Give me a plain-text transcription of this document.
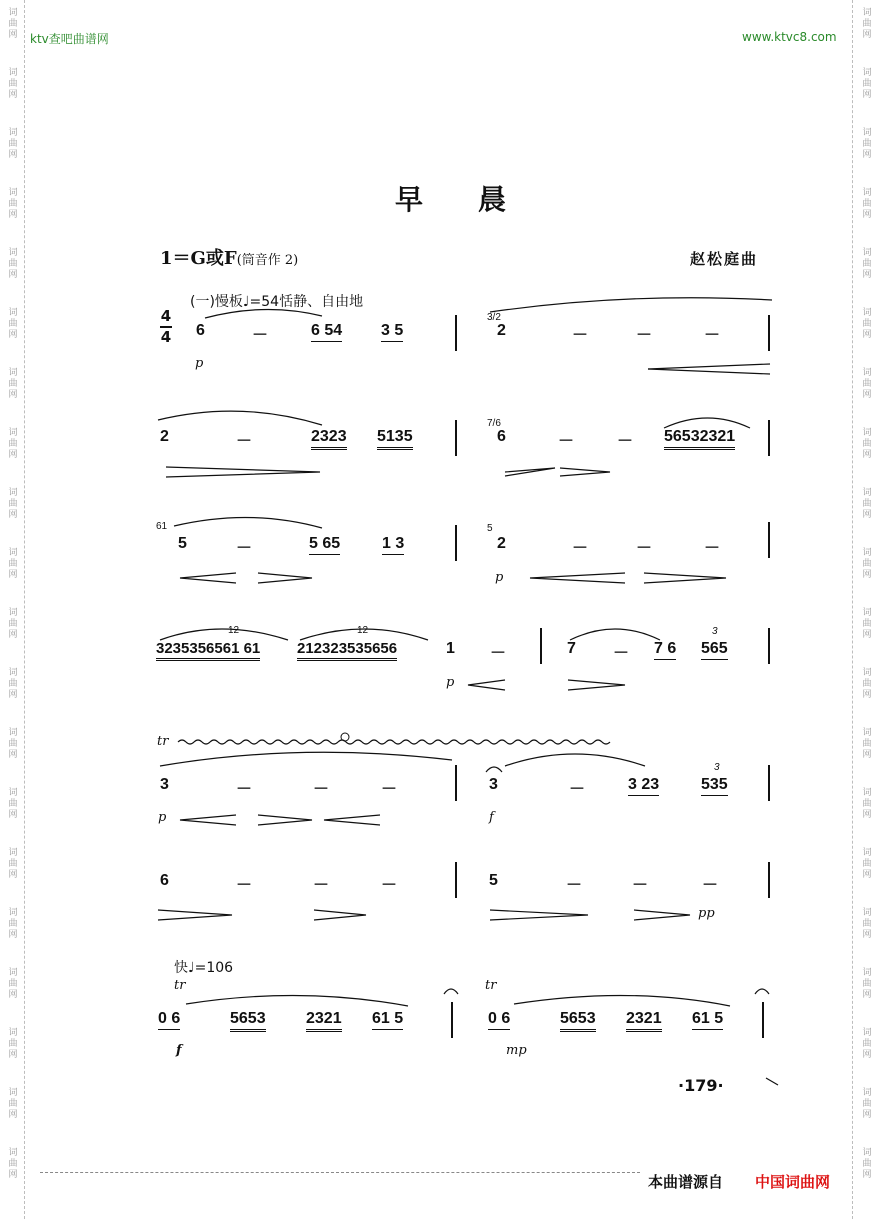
词
曲
网
词
曲
网
词
曲
网
词
曲
网
词
曲
网
词
曲
网
词
曲
网
词
曲
网
词
曲
网
词
曲
网
词
曲
网
词
曲
网
词
曲
网
词
曲
网
词
曲
网
词
曲
网
词
曲
网
词
曲
网
词
曲
网
词
曲
网
词
曲
网
词
曲
网
词
曲
网
词
曲
网
词
曲
网
词
曲
网
词
曲
网
词
曲
网
词
曲
网
词
曲
网
词
曲
网
词
曲
网
词
曲
网
词
曲
网
词
曲
网
词
曲
网
词
曲
网
词
曲
网
词
曲
网
词
曲
网
ktv查吧曲谱网	www.ktvc8.com
早晨
1＝G或F(筒音作 2)	赵松庭曲
4
4
(一)慢板♩=54恬静、自由地
6	－	6 54 3 5
p
3/2
2	－	－	－
2	－	2323 5135
7/6
6	－	－ 56532321
61
5	－	5 65	1 3
5
2	－	－	－
p
12	12
3235356561 61 212323535656	1 －
p
7 － 7 6
3
565
tr
3	－	－	－
p
3	－	3 23
3
535
f
6	－	－	－	5	－	－	－
pp
快♩=106
tr	tr
0 6	5653	2321 61 5
f
0 6	5653 2321 61 5
mp
·179·
本曲谱源自 中国词曲网
